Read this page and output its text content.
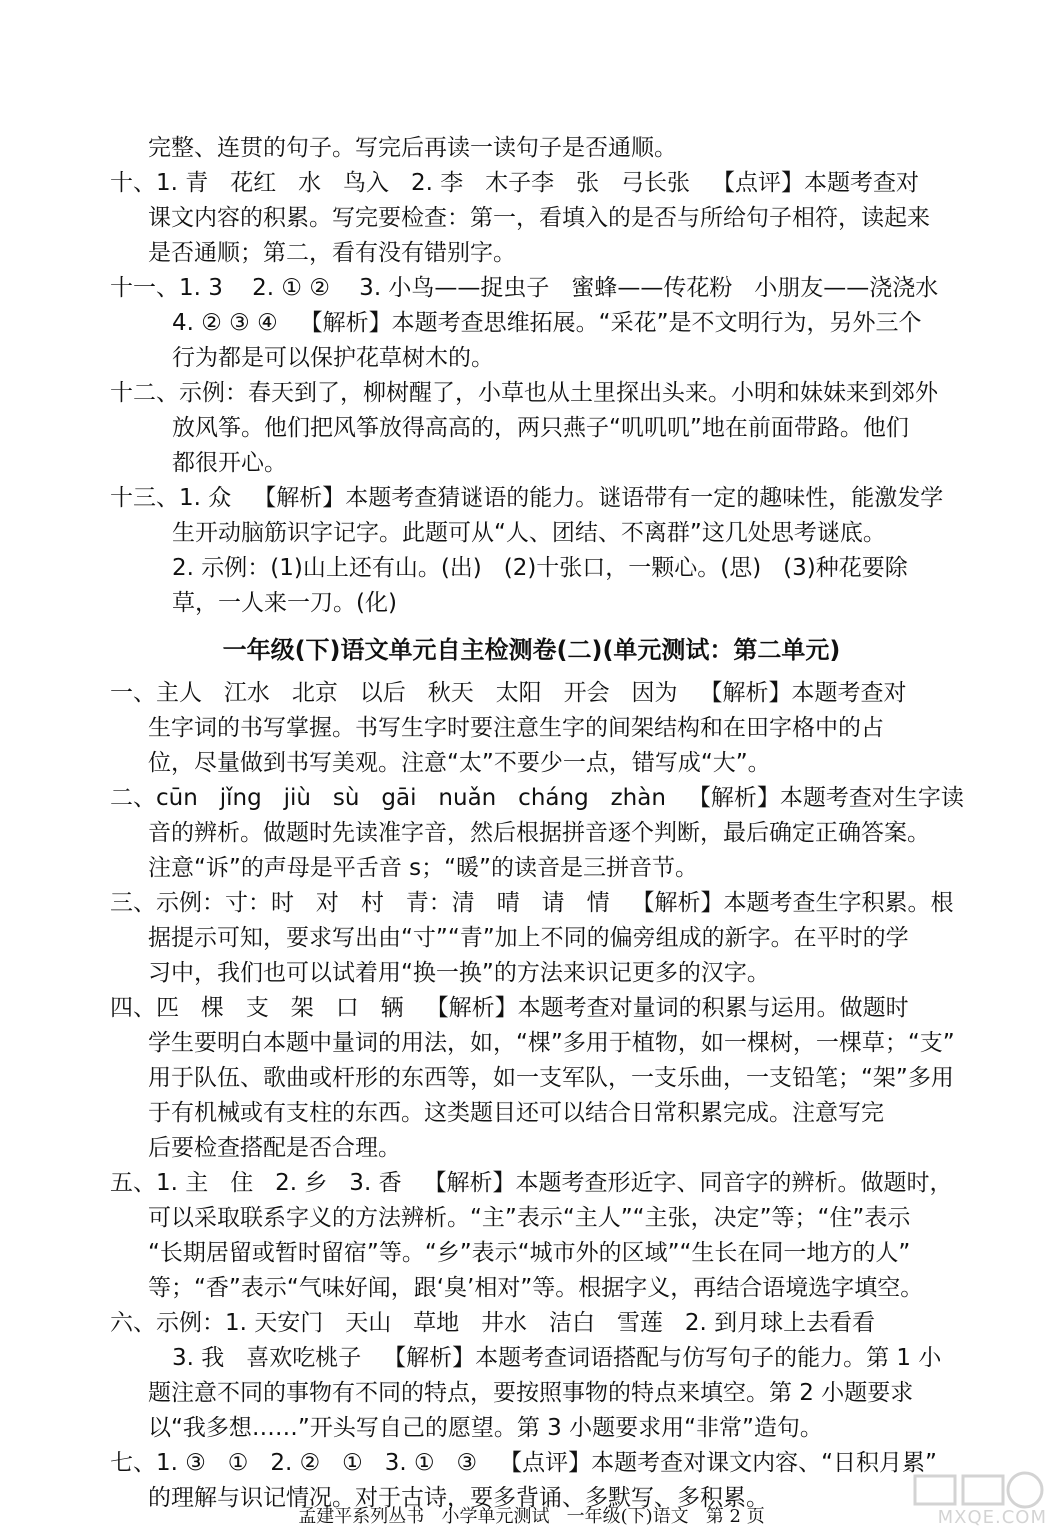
完整、连贯的句子。写完后再读一读句子是否通顺。
十、1. 青   花红   水   鸟入   2. 李   木子李   张   弓长张   【点评】本题考查对
课文内容的积累。写完要检查：第一，看填入的是否与所给句子相符，读起来
是否通顺；第二，看有没有错别字。
十一、1. 3    2. ① ②    3. 小鸟——捉虫子   蜜蜂——传花粉   小朋友——浇浇水
4. ② ③ ④   【解析】本题考查思维拓展。“采花”是不文明行为，另外三个
行为都是可以保护花草树木的。
十二、示例：春天到了，柳树醒了，小草也从土里探出头来。小明和妹妹来到郊外
放风筝。他们把风筝放得高高的，两只燕子“叽叽叽”地在前面带路。他们
都很开心。
十三、1. 众   【解析】本题考查猜谜语的能力。谜语带有一定的趣味性，能激发学
生开动脑筋识字记字。此题可从“人、团结、不离群”这几处思考谜底。
2. 示例：(1)山上还有山。(出)   (2)十张口，一颗心。(思)   (3)种花要除
草，一人来一刀。(化)
一年级(下)语文单元自主检测卷(二)(单元测试：第二单元)
一、主人   江水   北京   以后   秋天   太阳   开会   因为   【解析】本题考查对
生字词的书写掌握。书写生字时要注意生字的间架结构和在田字格中的占
位，尽量做到书写美观。注意“太”不要少一点，错写成“大”。
二、cūn   jǐng   jiù   sù   gāi   nuǎn   cháng   zhàn   【解析】本题考查对生字读
音的辨析。做题时先读准字音，然后根据拼音逐个判断，最后确定正确答案。
注意“诉”的声母是平舌音 s；“暖”的读音是三拼音节。
三、示例：寸：时   对   村   青：清   晴   请   情   【解析】本题考查生字积累。根
据提示可知，要求写出由“寸”“青”加上不同的偏旁组成的新字。在平时的学
习中，我们也可以试着用“换一换”的方法来识记更多的汉字。
四、匹   棵   支   架   口   辆   【解析】本题考查对量词的积累与运用。做题时
学生要明白本题中量词的用法，如，“棵”多用于植物，如一棵树，一棵草；“支”
用于队伍、歌曲或杆形的东西等，如一支军队，一支乐曲，一支铅笔；“架”多用
于有机械或有支柱的东西。这类题目还可以结合日常积累完成。注意写完
后要检查搭配是否合理。
五、1. 主   住   2. 乡   3. 香   【解析】本题考查形近字、同音字的辨析。做题时，
可以采取联系字义的方法辨析。“主”表示“主人”“主张，决定”等；“住”表示
“长期居留或暂时留宿”等。“乡”表示“城市外的区域”“生长在同一地方的人”
等；“香”表示“气味好闻，跟‘臭’相对”等。根据字义，再结合语境选字填空。
六、示例：1. 天安门   天山   草地   井水   洁白   雪莲   2. 到月球上去看看
3. 我   喜欢吃桃子   【解析】本题考查词语搭配与仿写句子的能力。第 1 小
题注意不同的事物有不同的特点，要按照事物的特点来填空。第 2 小题要求
以“我多想……”开头写自己的愿望。第 3 小题要求用“非常”造句。
七、1. ③   ①   2. ②   ①   3. ①   ③   【点评】本题考查对课文内容、“日积月累”
的理解与识记情况。对于古诗，要多背诵、多默写、多积累。
孟建平系列丛书   小学单元测试   一年级(下)语文   第 2 页	MXQE.COM
